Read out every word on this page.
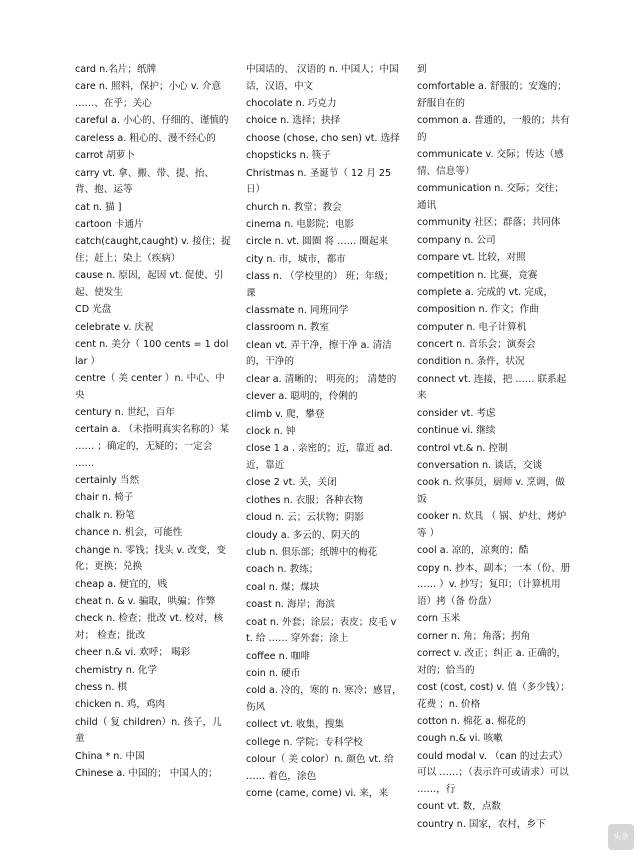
card n.名片；纸牌
care n. 照料，保护；小心 v. 介意 ……、在乎；关心
careful a. 小心的、仔细的、谨慎的
careless a. 粗心的、漫不经心的
carrot 胡萝卜
carry vt. 拿、搬、带、提、抬、背、抱、运等
cat n. 猫 ]
cartoon 卡通片
catch(caught,caught) v. 接住；捉住；赶上；染上（疾病）
cause n. 原因，起因 vt. 促使、引起、使发生
CD 光盘
celebrate v. 庆祝
cent n. 美分（ 100 cents = 1 dollar ）
centre（ 美 center ）n. 中心、中央
century n. 世纪，百年
certain a. （未指明真实名称的）某 …… ；确定的，无疑的；一定会 ……
certainly 当然
chair n. 椅子
chalk n. 粉笔
chance n. 机会，可能性
change n. 零钱；找头 v. 改变，变化；更换；兑换
cheap a. 便宜的，贱
cheat n. & v. 骗取，哄骗；作弊
check n. 检查；批改 vt. 校对，核对； 检查；批改
cheer n.& vi. 欢呼； 喝彩
chemistry n. 化学
chess n. 棋
chicken n. 鸡，鸡肉
child（ 复 children）n. 孩子，儿童
China * n. 中国
Chinese a. 中国的； 中国人的；
中国话的、 汉语的 n. 中国人；中国话，汉语，中文
chocolate n. 巧克力
choice n. 选择；抉择
choose (chose, cho sen) vt. 选择
chopsticks n. 筷子
Christmas n. 圣诞节（ 12 月 25 日）
church n. 教堂；教会
cinema n. 电影院；电影
circle n. vt. 圆圈 将 …… 圈起来
city n. 市，城市，都市
class n. （学校里的） 班；年级；课
classmate n. 同班同学
classroom n. 教室
clean vt. 弄干净，擦干净 a. 清洁的，干净的
clear a. 清晰的； 明亮的； 清楚的
clever a. 聪明的，伶俐的
climb v. 爬，攀登
clock n. 钟
close 1 a . 亲密的；近，靠近 ad. 近，靠近
close 2 vt. 关，关闭
clothes n. 衣服；各种衣物
cloud n. 云；云状物；阴影
cloudy a. 多云的、阴天的
club n. 俱乐部；纸牌中的梅花
coach n. 教练；
coal n. 煤；煤块
coast n. 海岸；海滨
coat n. 外套；涂层；表皮；皮毛 vt. 给 …… 穿外套；涂上
coffee n. 咖啡
coin n. 硬币
cold a. 冷的，寒的 n. 寒冷；感冒，伤风
collect vt. 收集，搜集
college n. 学院；专科学校
colour（ 美 color）n. 颜色 vt. 给 …… 着色，涂色
come (came, come) vi. 来，来
到
comfortable a. 舒服的；安逸的；舒服自在的
common a. 普通的，一般的；共有的
communicate v. 交际；传达（感情、信息等）
communication n. 交际；交往；通讯
community 社区；群落；共同体
company n. 公司
compare vt. 比较，对照
competition n. 比赛，竞赛
complete a. 完成的 vt. 完成，
composition n. 作文；作曲
computer n. 电子计算机
concert n. 音乐会；演奏会
condition n. 条件，状况
connect vt. 连接，把 …… 联系起来
consider vt. 考虑
continue vi. 继续
control vt.& n. 控制
conversation n. 谈话，交谈
cook n. 炊事员，厨师 v. 烹调，做饭
cooker n. 炊具 （ 锅、炉灶、烤炉等 ）
cool a. 凉的，凉爽的；酷
copy n. 抄本，副本；一本（份、册 …… ）v. 抄写；复印；（计算机用语）拷（备 份盘）
corn 玉米
corner n. 角；角落；拐角
correct v. 改正；纠正 a. 正确的，对的；恰当的
cost (cost, cost) v. 值（多少钱）；花费 ；n. 价格
cotton n. 棉花 a. 棉花的
cough n.& vi. 咳嗽
could modal v. （can 的过去式）可以 ……；（表示许可或请求）可以 ……，行
count vt. 数，点数
country n. 国家，农村，乡下
头条
